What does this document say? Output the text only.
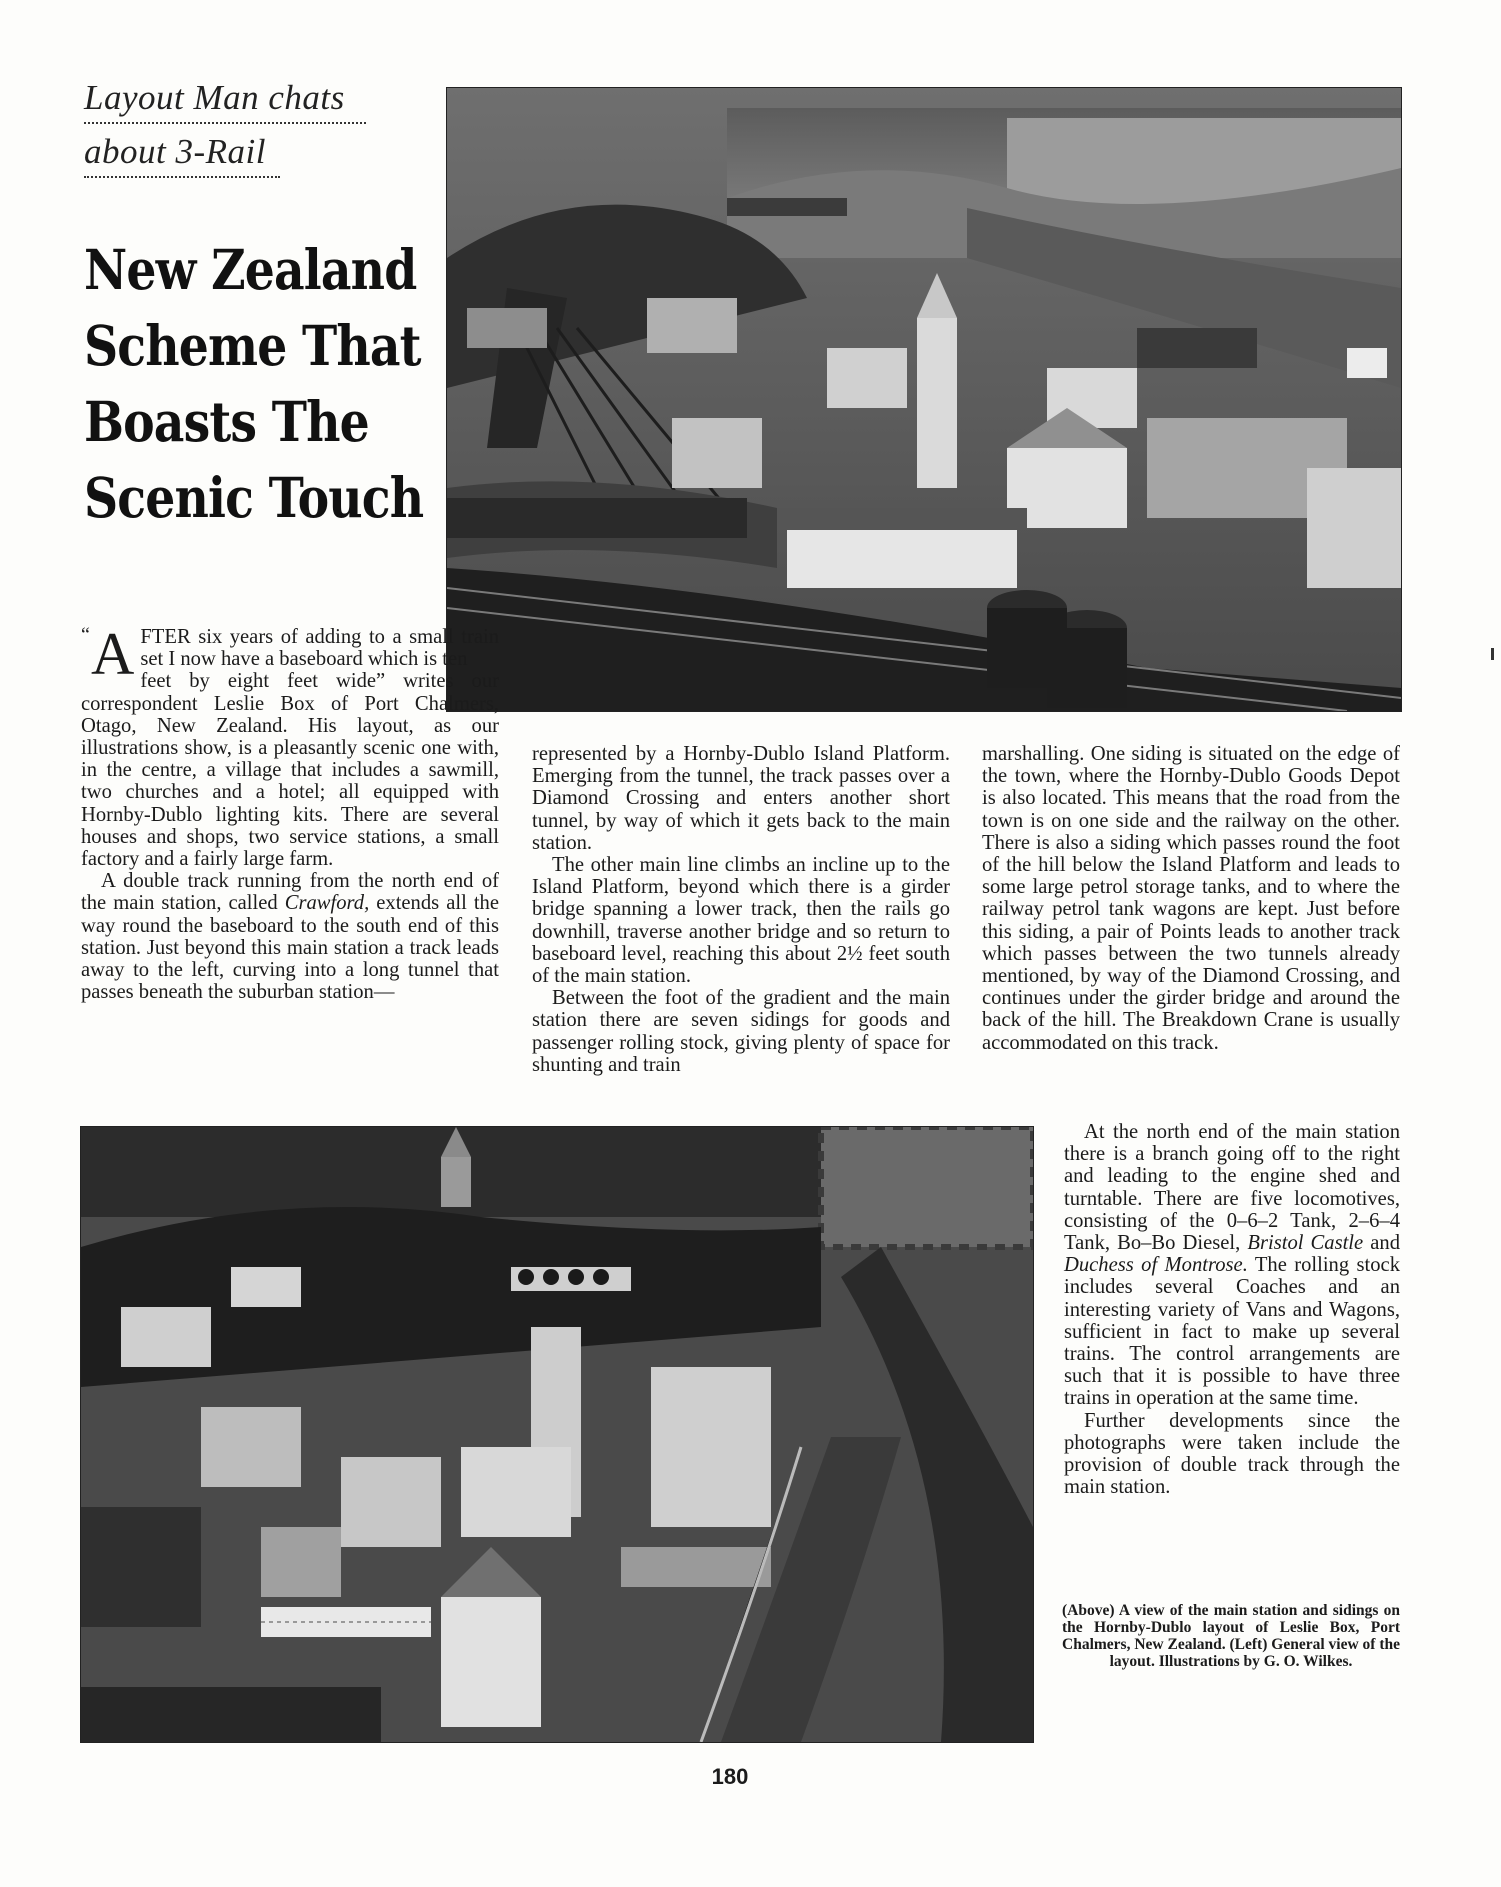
Layout Man chats
about 3-Rail
New Zealand
Scheme That
Boasts The
Scenic Touch
“ A FTER six years of adding to a small train set I now have a baseboard which is ten

feet by eight feet wide” writes our correspondent Leslie Box of Port Chalmers, Otago, New Zealand. His layout, as our illustrations show, is a pleasantly scenic one with, in the centre, a village that includes a sawmill, two churches and a hotel; all equipped with Hornby-Dublo lighting kits. There are several houses and shops, two service stations, a small factory and a fairly large farm.

A double track running from the north end of the main station, called Crawford, extends all the way round the baseboard to the south end of this station. Just beyond this main station a track leads away to the left, curving into a long tunnel that passes beneath the suburban station—

represented by a Hornby-Dublo Island Platform. Emerging from the tunnel, the track passes over a Diamond Crossing and enters another short tunnel, by way of which it gets back to the main station.

The other main line climbs an incline up to the Island Platform, beyond which there is a girder bridge spanning a lower track, then the rails go downhill, traverse another bridge and so return to baseboard level, reaching this about 2½ feet south of the main station.

Between the foot of the gradient and the main station there are seven sidings for goods and passenger rolling stock, giving plenty of space for shunting and train

marshalling. One siding is situated on the edge of the town, where the Hornby-Dublo Goods Depot is also located. This means that the road from the town is on one side and the railway on the other. There is also a siding which passes round the foot of the hill below the Island Platform and leads to some large petrol storage tanks, and to where the railway petrol tank wagons are kept. Just before this siding, a pair of Points leads to another track which passes between the two tunnels already mentioned, by way of the Diamond Crossing, and continues under the girder bridge and around the back of the hill. The Breakdown Crane is usually accommodated on this track.

At the north end of the main station there is a branch going off to the right and leading to the engine shed and turntable. There are five locomotives, consisting of the 0–6–2 Tank, 2–6–4 Tank, Bo–Bo Diesel, Bristol Castle and Duchess of Montrose. The rolling stock includes several Coaches and an interesting variety of Vans and Wagons, sufficient in fact to make up several trains. The control arrangements are such that it is possible to have three trains in operation at the same time.

Further developments since the photographs were taken include the provision of double track through the main station.

(Above) A view of the main station and sidings on the Hornby-Dublo layout of Leslie Box, Port Chalmers, New Zealand. (Left) General view of the layout. Illustrations by G. O. Wilkes.
180
